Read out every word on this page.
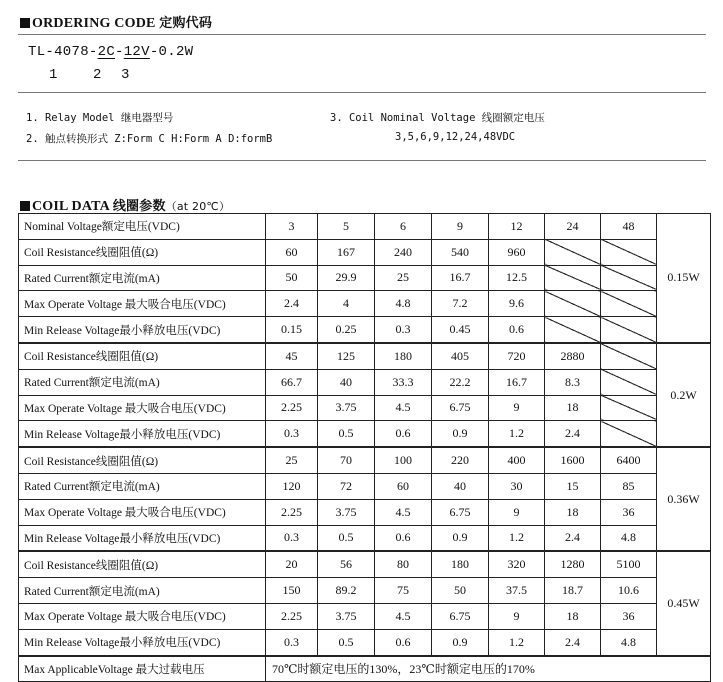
ORDERING CODE 定购代码
TL-4078-2C-12V-0.2W
1	2 3
1. Relay Model 继电器型号
2. 触点转换形式 Z:Form C H:Form A D:formB
3. Coil Nominal Voltage 线圈额定电压
3,5,6,9,12,24,48VDC
COIL DATA 线圈参数（at 20℃）
Nominal Voltage额定电压(VDC)	3	5	6	9	12	24	48	0.15W
Coil Resistance线圈阻值(Ω)	60	167	240	540	960			
Rated Current额定电流(mA)	50	29.9	25	16.7	12.5			
Max Operate Voltage 最大吸合电压(VDC)	2.4	4	4.8	7.2	9.6			
Min Release Voltage最小释放电压(VDC)	0.15	0.25	0.3	0.45	0.6			
Coil Resistance线圈阻值(Ω)	45	125	180	405	720	2880		0.2W
Rated Current额定电流(mA)	66.7	40	33.3	22.2	16.7	8.3		
Max Operate Voltage 最大吸合电压(VDC)	2.25	3.75	4.5	6.75	9	18		
Min Release Voltage最小释放电压(VDC)	0.3	0.5	0.6	0.9	1.2	2.4		
Coil Resistance线圈阻值(Ω)	25	70	100	220	400	1600	6400	0.36W
Rated Current额定电流(mA)	120	72	60	40	30	15	85	
Max Operate Voltage 最大吸合电压(VDC)	2.25	3.75	4.5	6.75	9	18	36	
Min Release Voltage最小释放电压(VDC)	0.3	0.5	0.6	0.9	1.2	2.4	4.8	
Coil Resistance线圈阻值(Ω)	20	56	80	180	320	1280	5100	0.45W
Rated Current额定电流(mA)	150	89.2	75	50	37.5	18.7	10.6	
Max Operate Voltage 最大吸合电压(VDC)	2.25	3.75	4.5	6.75	9	18	36	
Min Release Voltage最小释放电压(VDC)	0.3	0.5	0.6	0.9	1.2	2.4	4.8	
Max ApplicableVoltage 最大过载电压	70℃时额定电压的130%，23℃时额定电压的170%							
